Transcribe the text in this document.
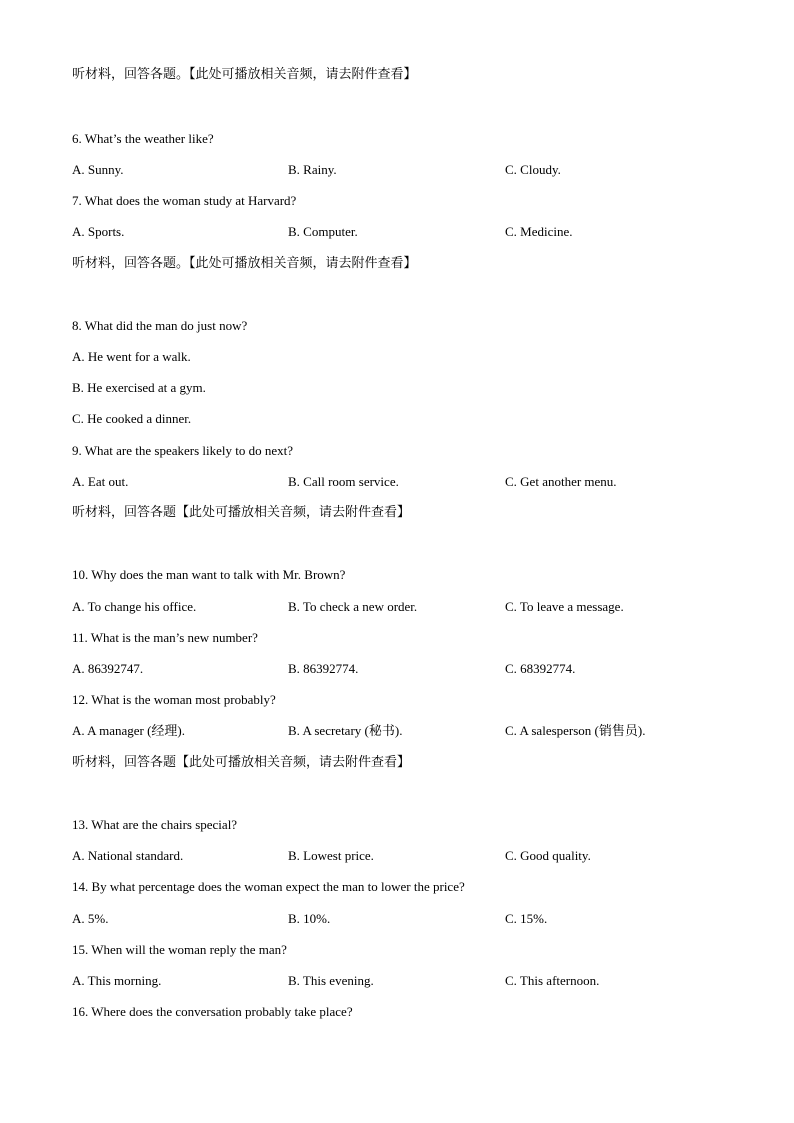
听材料，回答各题。【此处可播放相关音频，请去附件查看】
6. What’s the weather like?
A. Sunny.	B. Rainy.	C. Cloudy.
7. What does the woman study at Harvard?
A. Sports.	B. Computer.	C. Medicine.
听材料，回答各题。【此处可播放相关音频，请去附件查看】
8. What did the man do just now?
A. He went for a walk.
B. He exercised at a gym.
C. He cooked a dinner.
9. What are the speakers likely to do next?
A. Eat out.	B. Call room service.	C. Get another menu.
听材料，回答各题【此处可播放相关音频，请去附件查看】
10. Why does the man want to talk with Mr. Brown?
A. To change his office.	B. To check a new order.	C. To leave a message.
11. What is the man’s new number?
A. 86392747.	B. 86392774.	C. 68392774.
12. What is the woman most probably?
A. A manager (经理).	B. A secretary (秘书).	C. A salesperson (销售员).
听材料，回答各题【此处可播放相关音频，请去附件查看】
13. What are the chairs special?
A. National standard.	B. Lowest price.	C. Good quality.
14. By what percentage does the woman expect the man to lower the price?
A. 5%.	B. 10%.	C. 15%.
15. When will the woman reply the man?
A. This morning.	B. This evening.	C. This afternoon.
16. Where does the conversation probably take place?
